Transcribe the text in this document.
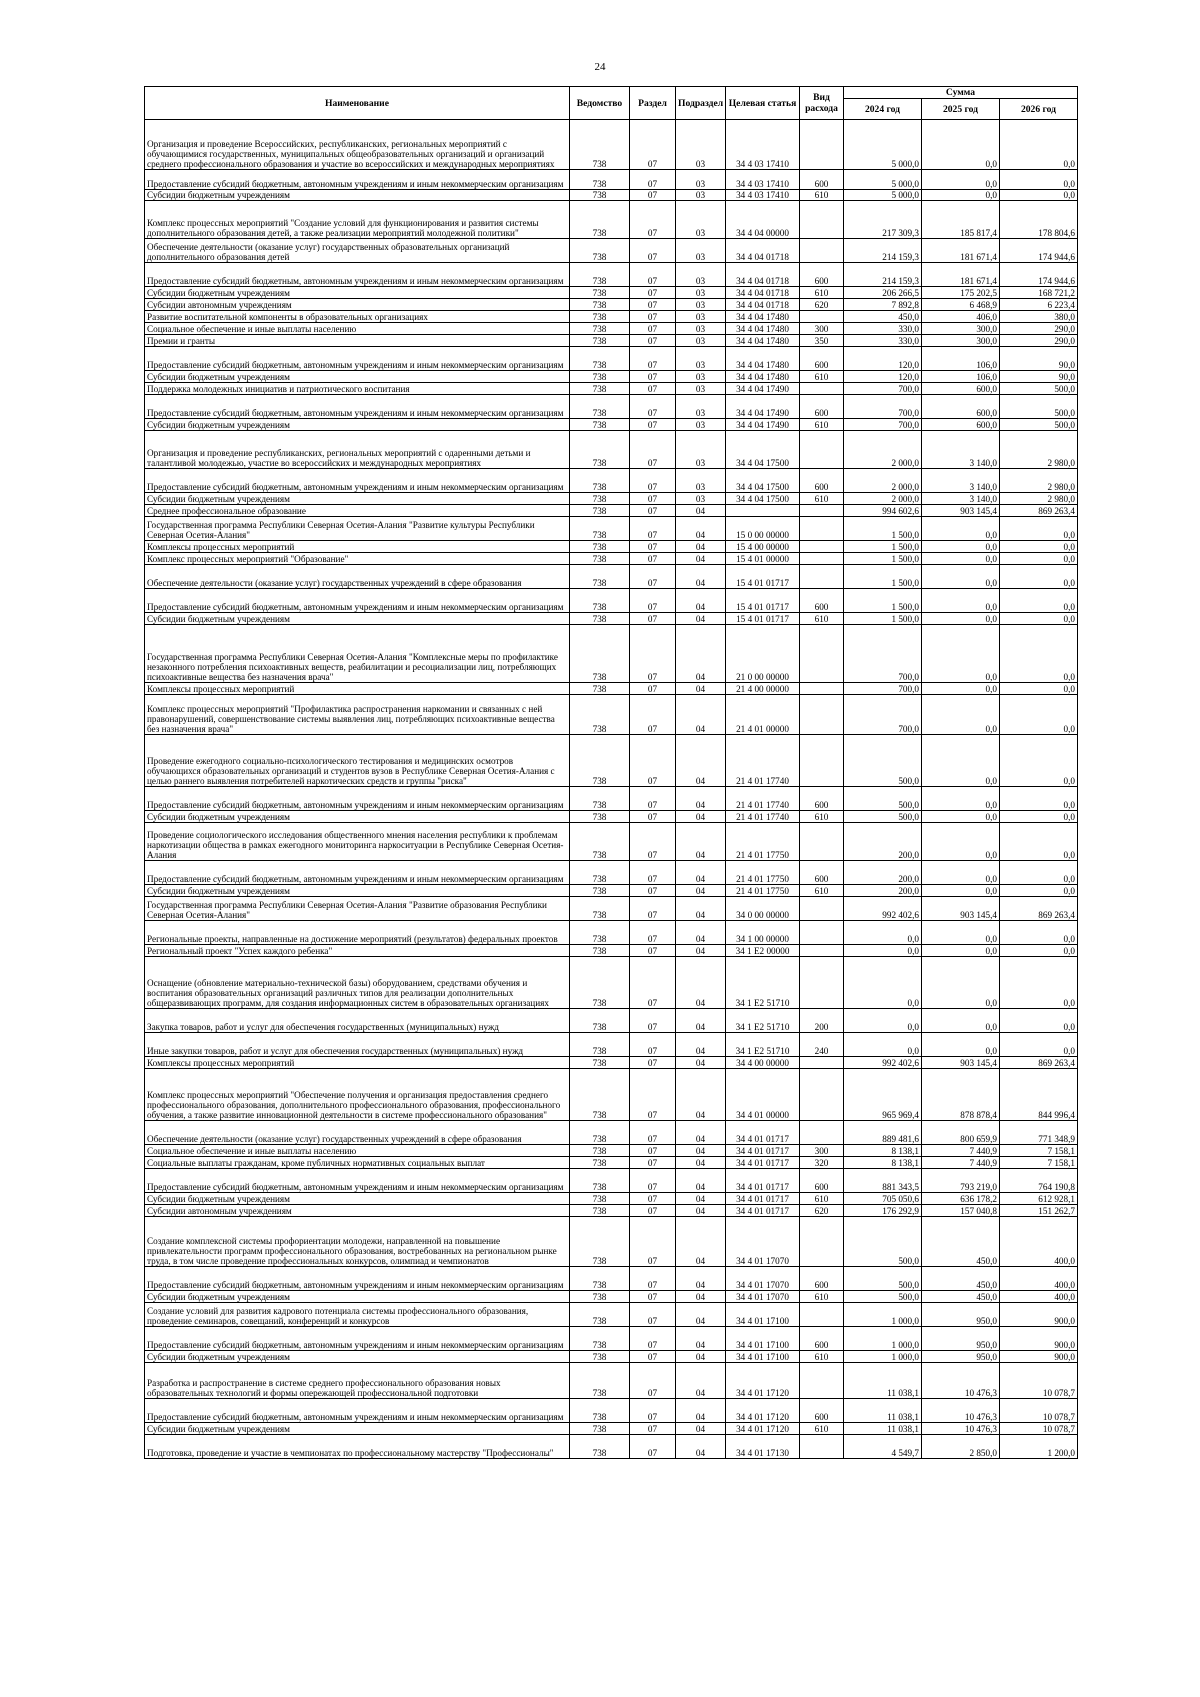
24
Наименование	Ведомство	Раздел	Подраздел	Целевая статья	Вид расхода	Сумма		
						2024 год	2025 год	2026 год
Организация и проведение Всероссийских, республиканских, региональных мероприятий с обучающимися государственных, муниципальных общеобразовательных организаций и организаций среднего профессионального образования и участие во всероссийских и международных мероприятиях	738	07	03	34 4 03 17410		5 000,0	0,0	0,0
Предоставление субсидий бюджетным, автономным учреждениям и иным некоммерческим организациям	738	07	03	34 4 03 17410	600	5 000,0	0,0	0,0
Субсидии бюджетным учреждениям	738	07	03	34 4 03 17410	610	5 000,0	0,0	0,0
Комплекс процессных мероприятий "Создание условий для функционирования и развития системы дополнительного образования детей, а также реализации мероприятий молодежной политики"	738	07	03	34 4 04 00000		217 309,3	185 817,4	178 804,6
Обеспечение деятельности (оказание услуг) государственных образовательных организаций дополнительного образования детей	738	07	03	34 4 04 01718		214 159,3	181 671,4	174 944,6
Предоставление субсидий бюджетным, автономным учреждениям и иным некоммерческим организациям	738	07	03	34 4 04 01718	600	214 159,3	181 671,4	174 944,6
Субсидии бюджетным учреждениям	738	07	03	34 4 04 01718	610	206 266,5	175 202,5	168 721,2
Субсидии автономным учреждениям	738	07	03	34 4 04 01718	620	7 892,8	6 468,9	6 223,4
Развитие воспитательной компоненты в образовательных организациях	738	07	03	34 4 04 17480		450,0	406,0	380,0
Социальное обеспечение и иные выплаты населению	738	07	03	34 4 04 17480	300	330,0	300,0	290,0
Премии и гранты	738	07	03	34 4 04 17480	350	330,0	300,0	290,0
Предоставление субсидий бюджетным, автономным учреждениям и иным некоммерческим организациям	738	07	03	34 4 04 17480	600	120,0	106,0	90,0
Субсидии бюджетным учреждениям	738	07	03	34 4 04 17480	610	120,0	106,0	90,0
Поддержка молодежных инициатив и патриотического воспитания	738	07	03	34 4 04 17490		700,0	600,0	500,0
Предоставление субсидий бюджетным, автономным учреждениям и иным некоммерческим организациям	738	07	03	34 4 04 17490	600	700,0	600,0	500,0
Субсидии бюджетным учреждениям	738	07	03	34 4 04 17490	610	700,0	600,0	500,0
Организация и проведение республиканских, региональных мероприятий с одаренными детьми и талантливой молодежью, участие во всероссийских и международных мероприятиях	738	07	03	34 4 04 17500		2 000,0	3 140,0	2 980,0
Предоставление субсидий бюджетным, автономным учреждениям и иным некоммерческим организациям	738	07	03	34 4 04 17500	600	2 000,0	3 140,0	2 980,0
Субсидии бюджетным учреждениям	738	07	03	34 4 04 17500	610	2 000,0	3 140,0	2 980,0
Среднее профессиональное образование	738	07	04			994 602,6	903 145,4	869 263,4
Государственная программа Республики Северная Осетия-Алания "Развитие культуры Республики Северная Осетия-Алания"	738	07	04	15 0 00 00000		1 500,0	0,0	0,0
Комплексы процессных мероприятий	738	07	04	15 4 00 00000		1 500,0	0,0	0,0
Комплекс процессных мероприятий "Образование"	738	07	04	15 4 01 00000		1 500,0	0,0	0,0
Обеспечение деятельности (оказание услуг) государственных учреждений в сфере образования	738	07	04	15 4 01 01717		1 500,0	0,0	0,0
Предоставление субсидий бюджетным, автономным учреждениям и иным некоммерческим организациям	738	07	04	15 4 01 01717	600	1 500,0	0,0	0,0
Субсидии бюджетным учреждениям	738	07	04	15 4 01 01717	610	1 500,0	0,0	0,0
Государственная программа Республики Северная Осетия-Алания "Комплексные меры по профилактике незаконного потребления психоактивных веществ, реабилитации и ресоциализации лиц, потребляющих психоактивные вещества без назначения врача"	738	07	04	21 0 00 00000		700,0	0,0	0,0
Комплексы процессных мероприятий	738	07	04	21 4 00 00000		700,0	0,0	0,0
Комплекс процессных мероприятий "Профилактика распространения наркомании и связанных с ней правонарушений, совершенствование системы выявления лиц, потребляющих психоактивные вещества без назначения врача"	738	07	04	21 4 01 00000		700,0	0,0	0,0
Проведение ежегодного социально-психологического тестирования и медицинских осмотров обучающихся образовательных организаций и студентов вузов в Республике Северная Осетия-Алания с целью раннего выявления потребителей наркотических средств и группы "риска"	738	07	04	21 4 01 17740		500,0	0,0	0,0
Предоставление субсидий бюджетным, автономным учреждениям и иным некоммерческим организациям	738	07	04	21 4 01 17740	600	500,0	0,0	0,0
Субсидии бюджетным учреждениям	738	07	04	21 4 01 17740	610	500,0	0,0	0,0
Проведение социологического исследования общественного мнения населения республики к проблемам наркотизации общества в рамках ежегодного мониторинга наркоситуации в Республике Северная Осетия-Алания	738	07	04	21 4 01 17750		200,0	0,0	0,0
Предоставление субсидий бюджетным, автономным учреждениям и иным некоммерческим организациям	738	07	04	21 4 01 17750	600	200,0	0,0	0,0
Субсидии бюджетным учреждениям	738	07	04	21 4 01 17750	610	200,0	0,0	0,0
Государственная программа Республики Северная Осетия-Алания "Развитие образования Республики Северная Осетия-Алания"	738	07	04	34 0 00 00000		992 402,6	903 145,4	869 263,4
Региональные проекты, направленные на достижение мероприятий (результатов) федеральных проектов	738	07	04	34 1 00 00000		0,0	0,0	0,0
Региональный проект "Успех каждого ребенка"	738	07	04	34 1 E2 00000		0,0	0,0	0,0
Оснащение (обновление материально-технической базы) оборудованием, средствами обучения и воспитания образовательных организаций различных типов для реализации дополнительных общеразвивающих программ, для создания информационных систем в образовательных организациях	738	07	04	34 1 E2 51710		0,0	0,0	0,0
Закупка товаров, работ и услуг для обеспечения государственных (муниципальных) нужд	738	07	04	34 1 E2 51710	200	0,0	0,0	0,0
Иные закупки товаров, работ и услуг для обеспечения государственных (муниципальных) нужд	738	07	04	34 1 E2 51710	240	0,0	0,0	0,0
Комплексы процессных мероприятий	738	07	04	34 4 00 00000		992 402,6	903 145,4	869 263,4
Комплекс процессных мероприятий "Обеспечение получения и организация предоставления среднего профессионального образования, дополнительного профессионального образования, профессионального обучения, а также развитие инновационной деятельности в системе профессионального образования"	738	07	04	34 4 01 00000		965 969,4	878 878,4	844 996,4
Обеспечение деятельности (оказание услуг) государственных учреждений в сфере образования	738	07	04	34 4 01 01717		889 481,6	800 659,9	771 348,9
Социальное обеспечение и иные выплаты населению	738	07	04	34 4 01 01717	300	8 138,1	7 440,9	7 158,1
Социальные выплаты гражданам, кроме публичных нормативных социальных выплат	738	07	04	34 4 01 01717	320	8 138,1	7 440,9	7 158,1
Предоставление субсидий бюджетным, автономным учреждениям и иным некоммерческим организациям	738	07	04	34 4 01 01717	600	881 343,5	793 219,0	764 190,8
Субсидии бюджетным учреждениям	738	07	04	34 4 01 01717	610	705 050,6	636 178,2	612 928,1
Субсидии автономным учреждениям	738	07	04	34 4 01 01717	620	176 292,9	157 040,8	151 262,7
Создание комплексной системы профориентации молодежи, направленной на повышение привлекательности программ профессионального образования, востребованных на региональном рынке труда, в том числе проведение профессиональных конкурсов, олимпиад и чемпионатов	738	07	04	34 4 01 17070		500,0	450,0	400,0
Предоставление субсидий бюджетным, автономным учреждениям и иным некоммерческим организациям	738	07	04	34 4 01 17070	600	500,0	450,0	400,0
Субсидии бюджетным учреждениям	738	07	04	34 4 01 17070	610	500,0	450,0	400,0
Создание условий для развития кадрового потенциала системы профессионального образования, проведение семинаров, совещаний, конференций и конкурсов	738	07	04	34 4 01 17100		1 000,0	950,0	900,0
Предоставление субсидий бюджетным, автономным учреждениям и иным некоммерческим организациям	738	07	04	34 4 01 17100	600	1 000,0	950,0	900,0
Субсидии бюджетным учреждениям	738	07	04	34 4 01 17100	610	1 000,0	950,0	900,0
Разработка и распространение в системе среднего профессионального образования новых образовательных технологий и формы опережающей профессиональной подготовки	738	07	04	34 4 01 17120		11 038,1	10 476,3	10 078,7
Предоставление субсидий бюджетным, автономным учреждениям и иным некоммерческим организациям	738	07	04	34 4 01 17120	600	11 038,1	10 476,3	10 078,7
Субсидии бюджетным учреждениям	738	07	04	34 4 01 17120	610	11 038,1	10 476,3	10 078,7
Подготовка, проведение и участие в чемпионатах по профессиональному мастерству "Профессионалы"	738	07	04	34 4 01 17130		4 549,7	2 850,0	1 200,0
